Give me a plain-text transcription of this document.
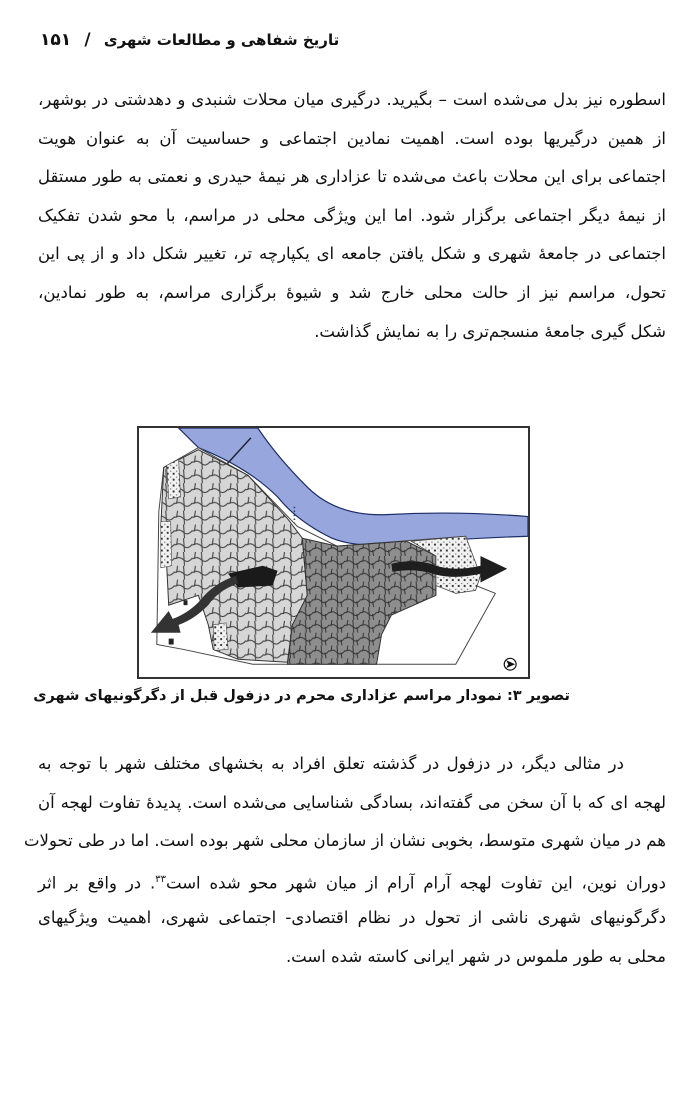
تاریخ شفاهی و مطالعات شهری / ۱۵۱
اسطوره نیز بدل می‌شده است – بگیرید. درگیری میان محلات شنبدی و دهدشتی در بوشهر،
از همین درگیریها بوده است. اهمیت نمادین اجتماعی و حساسیت آن به عنوان هویت
اجتماعی برای این محلات باعث می‌شده تا عزاداری هر نیمهٔ حیدری و نعمتی به طور مستقل
از نیمهٔ دیگر اجتماعی برگزار شود. اما این ویژگی محلی در مراسم، با محو شدن تفکیک
اجتماعی در جامعهٔ شهری و شکل یافتن جامعه ای یکپارچه تر، تغییر شکل داد و از پی این
تحول، مراسم نیز از حالت محلی خارج شد و شیوهٔ برگزاری مراسم، به طور نمادین،
شکل گیری جامعهٔ منسجم‌تری را به نمایش گذاشت.
تصویر ۳: نمودار مراسم عزاداری محرم در دزفول قبل از دگرگونیهای شهری
در مثالی دیگر، در دزفول در گذشته تعلق افراد به بخشهای مختلف شهر با توجه به
لهجه ای که با آن سخن می گفته‌اند، بسادگی شناسایی می‌شده است. پدیدهٔ تفاوت لهجه آن
هم در میان شهری متوسط، بخوبی نشان از سازمان محلی شهر بوده است. اما در طی تحولات
دوران نوین، این تفاوت لهجه آرام آرام از میان شهر محو شده است$^{۳۳}$. در واقع بر اثر
دگرگونیهای شهری ناشی از تحول در نظام اقتصادی- اجتماعی شهری، اهمیت ویژگیهای
محلی به طور ملموس در شهر ایرانی کاسته شده است.
